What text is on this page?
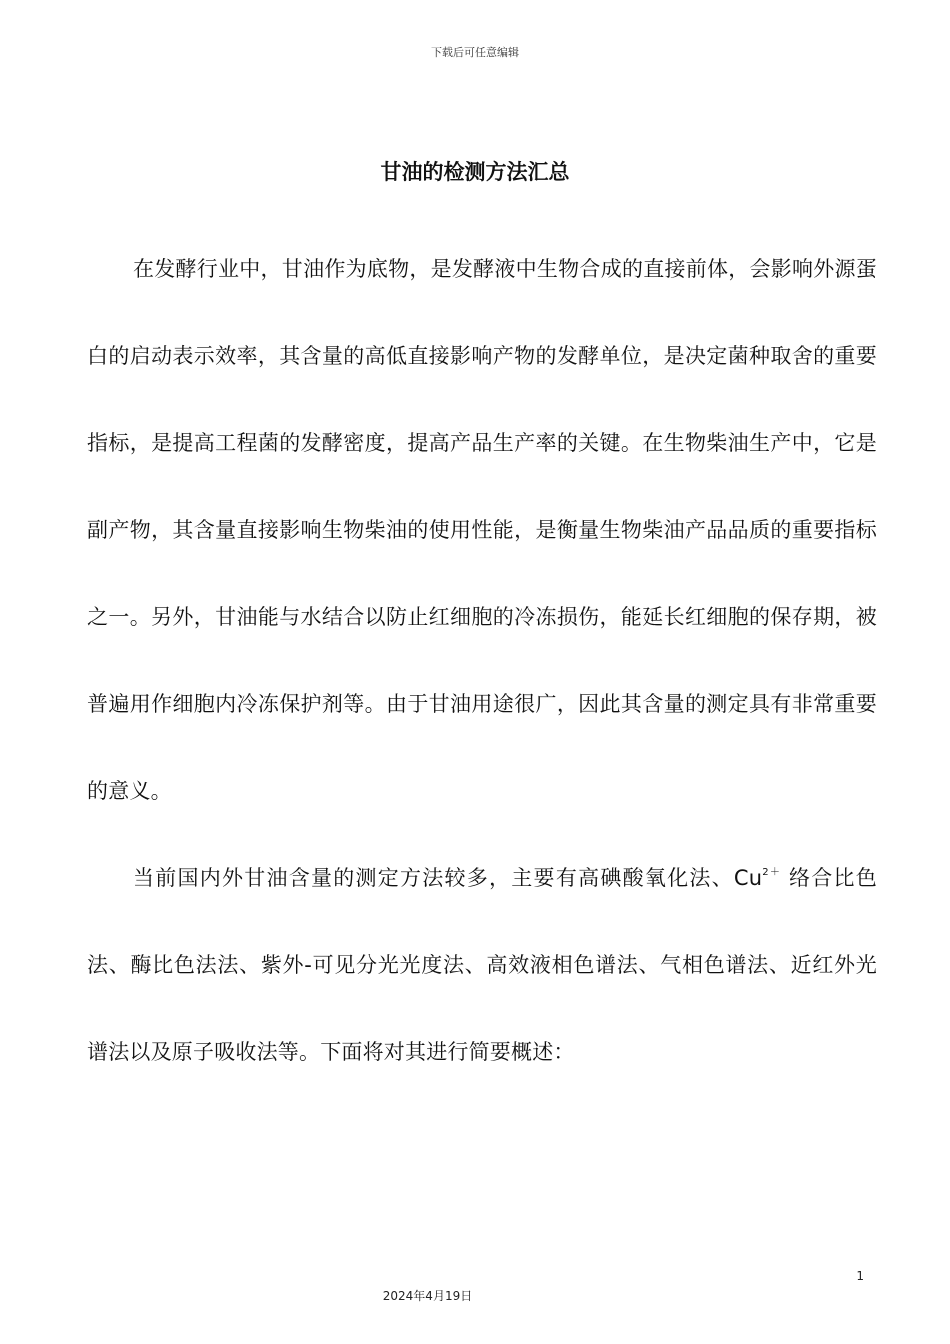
下载后可任意编辑
甘油的检测方法汇总

在发酵行业中，甘油作为底物，是发酵液中生物合成的直接前体，会影响外源蛋白的启动表示效率，其含量的高低直接影响产物的发酵单位，是决定菌种取舍的重要指标，是提高工程菌的发酵密度，提高产品生产率的关键。在生物柴油生产中，它是副产物，其含量直接影响生物柴油的使用性能，是衡量生物柴油产品品质的重要指标之一。另外，甘油能与水结合以防止红细胞的冷冻损伤，能延长红细胞的保存期，被普遍用作细胞内冷冻保护剂等。由于甘油用途很广，因此其含量的测定具有非常重要的意义。

当前国内外甘油含量的测定方法较多，主要有高碘酸氧化法、$Cu^{2+}$ 络合比色法、酶比色法法、紫外-可见分光光度法、高效液相色谱法、气相色谱法、近红外光谱法以及原子吸收法等。下面将对其进行简要概述：

1
2024年4月19日
